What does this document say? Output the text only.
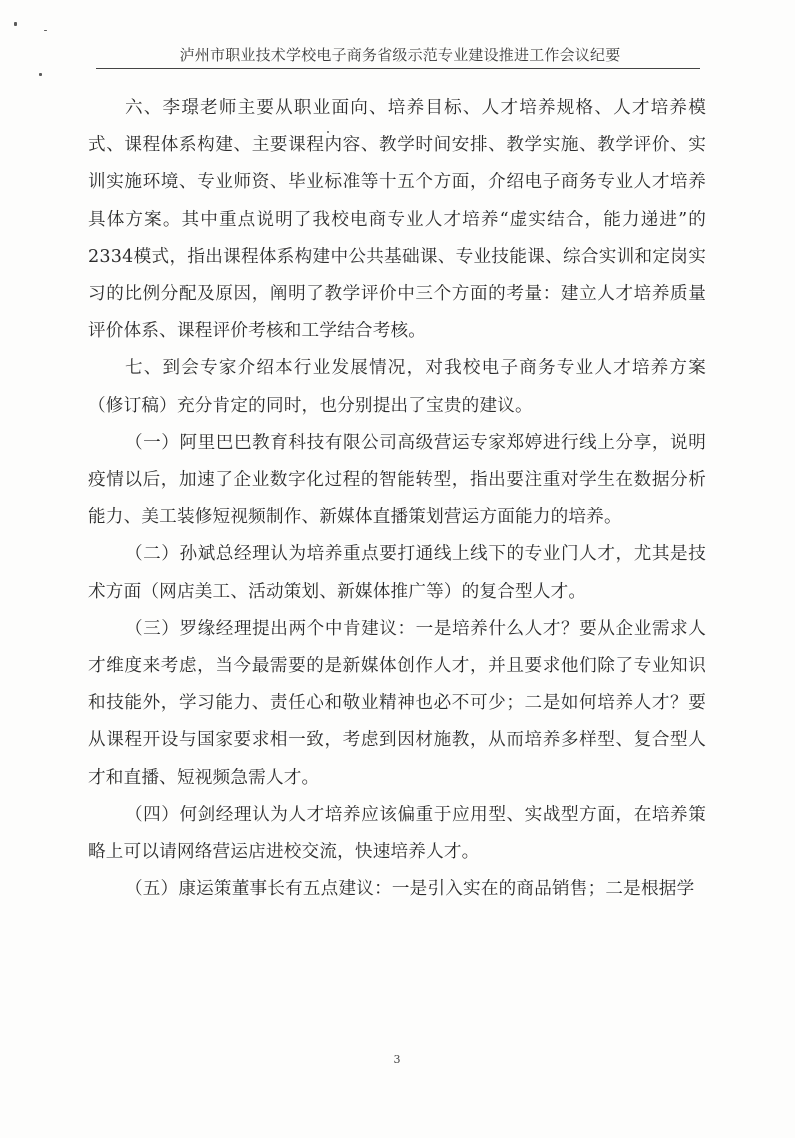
泸州市职业技术学校电子商务省级示范专业建设推进工作会议纪要

六、李璟老师主要从职业面向、培养目标、人才培养规格、人才培养模式、课程体系构建、主要课程内容、教学时间安排、教学实施、教学评价、实训实施环境、专业师资、毕业标准等十五个方面，介绍电子商务专业人才培养具体方案。其中重点说明了我校电商专业人才培养“虚实结合，能力递进”的2334模式，指出课程体系构建中公共基础课、专业技能课、综合实训和定岗实习的比例分配及原因，阐明了教学评价中三个方面的考量：建立人才培养质量评价体系、课程评价考核和工学结合考核。

七、到会专家介绍本行业发展情况，对我校电子商务专业人才培养方案（修订稿）充分肯定的同时，也分别提出了宝贵的建议。

（一）阿里巴巴教育科技有限公司高级营运专家郑婷进行线上分享，说明疫情以后，加速了企业数字化过程的智能转型，指出要注重对学生在数据分析能力、美工装修短视频制作、新媒体直播策划营运方面能力的培养。

（二）孙斌总经理认为培养重点要打通线上线下的专业门人才，尤其是技术方面（网店美工、活动策划、新媒体推广等）的复合型人才。

（三）罗缘经理提出两个中肯建议：一是培养什么人才？要从企业需求人才维度来考虑，当今最需要的是新媒体创作人才，并且要求他们除了专业知识和技能外，学习能力、责任心和敬业精神也必不可少；二是如何培养人才？要从课程开设与国家要求相一致，考虑到因材施教，从而培养多样型、复合型人才和直播、短视频急需人才。

（四）何剑经理认为人才培养应该偏重于应用型、实战型方面，在培养策略上可以请网络营运店进校交流，快速培养人才。

（五）康运策董事长有五点建议：一是引入实在的商品销售；二是根据学

3
